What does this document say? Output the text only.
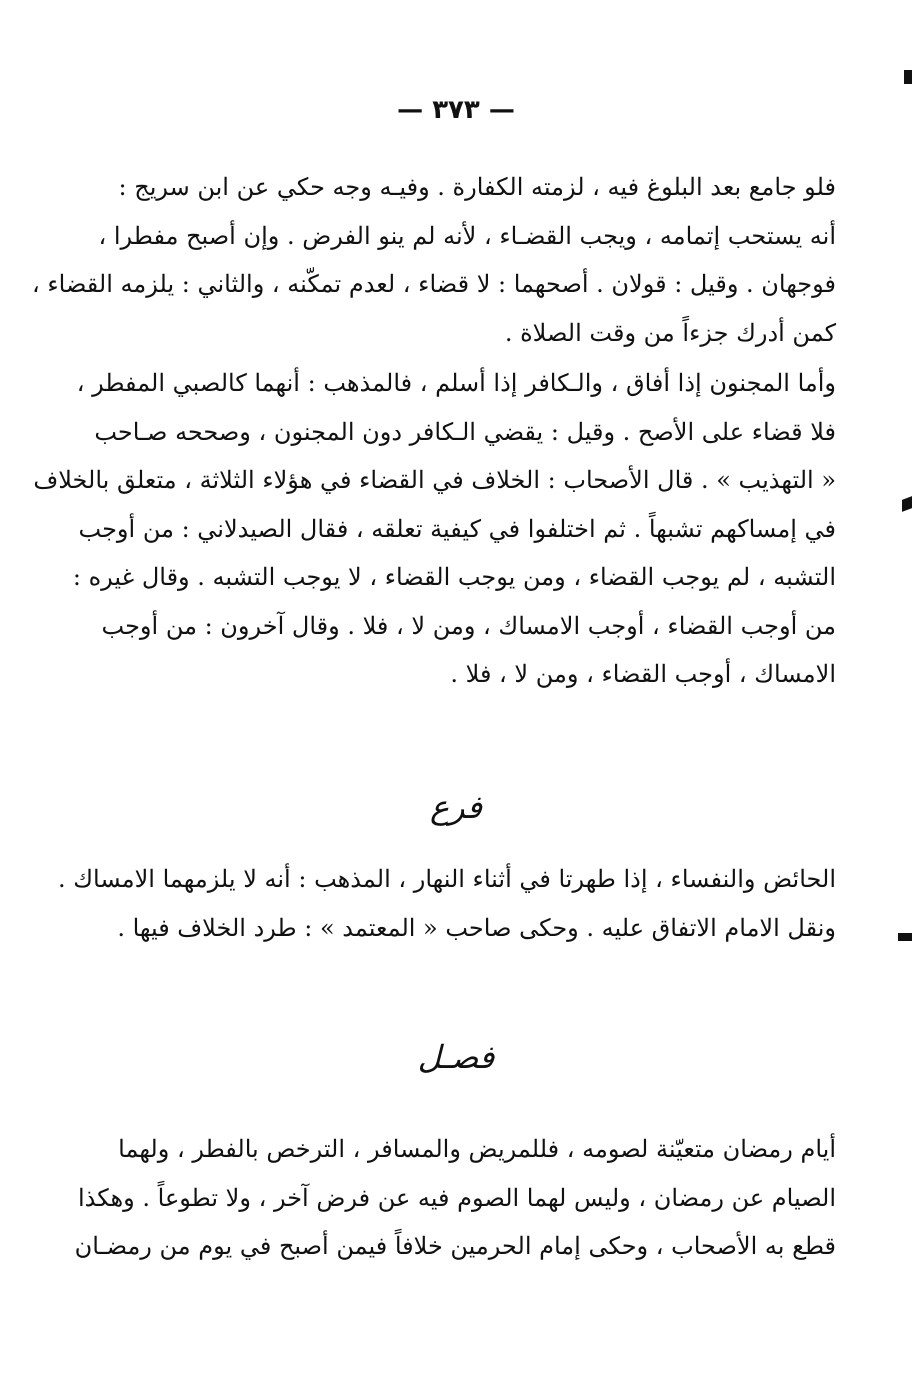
— ٣٧٣ —
فلو جامع بعد البلوغ فيه ، لزمته الكفارة . وفيـه وجه حكي عن ابن سريج :
أنه يستحب إتمامه ، ويجب القضـاء ، لأنه لم ينو الفرض . وإن أصبح مفطرا ،
فوجهان . وقيل : قولان . أصحهما : لا قضاء ، لعدم تمكّنه ، والثاني : يلزمه القضاء ،
كمن أدرك جزءاً من وقت الصلاة .
وأما المجنون إذا أفاق ، والـكافر إذا أسلم ، فالمذهب : أنهما كالصبي المفطر ،
فلا قضاء على الأصح . وقيل : يقضي الـكافر دون المجنون ، وصححه صـاحب
« التهذيب » . قال الأصحاب : الخلاف في القضاء في هؤلاء الثلاثة ، متعلق بالخلاف
في إمساكهم تشبهاً . ثم اختلفوا في كيفية تعلقه ، فقال الصيدلاني : من أوجب
التشبه ، لم يوجب القضاء ، ومن يوجب القضاء ، لا يوجب التشبه . وقال غيره :
من أوجب القضاء ، أوجب الامساك ، ومن لا ، فلا . وقال آخرون : من أوجب
الامساك ، أوجب القضاء ، ومن لا ، فلا .
فرع
الحائض والنفساء ، إذا طهرتا في أثناء النهار ، المذهب : أنه لا يلزمهما الامساك .
ونقل الامام الاتفاق عليه . وحكى صاحب « المعتمد » : طرد الخلاف فيها .
فصـل
أيام رمضان متعيّنة لصومه ، فللمريض والمسافر ، الترخص بالفطر ، ولهما
الصيام عن رمضان ، وليس لهما الصوم فيه عن فرض آخر ، ولا تطوعاً . وهكذا
قطع به الأصحاب ، وحكى إمام الحرمين خلافاً فيمن أصبح في يوم من رمضـان
